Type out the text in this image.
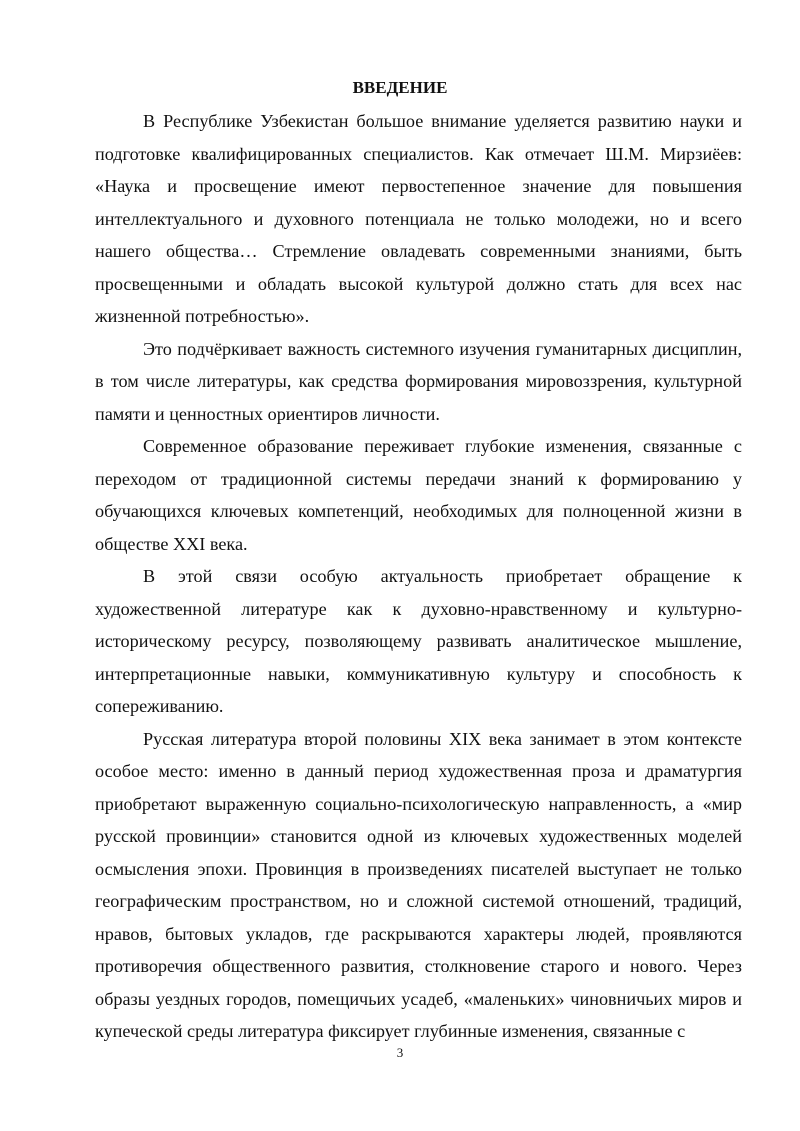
ВВЕДЕНИЕ

В Республике Узбекистан большое внимание уделяется развитию науки и подготовке квалифицированных специалистов. Как отмечает Ш.М. Мирзиёев: «Наука и просвещение имеют первостепенное значение для повышения интеллектуального и духовного потенциала не только молодежи, но и всего нашего общества… Стремление овладевать современными знаниями, быть просвещенными и обладать высокой культурой должно стать для всех нас жизненной потребностью».

Это подчёркивает важность системного изучения гуманитарных дисциплин, в том числе литературы, как средства формирования мировоззрения, культурной памяти и ценностных ориентиров личности.

Современное образование переживает глубокие изменения, связанные с переходом от традиционной системы передачи знаний к формированию у обучающихся ключевых компетенций, необходимых для полноценной жизни в обществе XXI века.

В этой связи особую актуальность приобретает обращение к художественной литературе как к духовно-нравственному и культурно-историческому ресурсу, позволяющему развивать аналитическое мышление, интерпретационные навыки, коммуникативную культуру и способность к сопереживанию.

Русская литература второй половины XIX века занимает в этом контексте особое место: именно в данный период художественная проза и драматургия приобретают выраженную социально-психологическую направленность, а «мир русской провинции» становится одной из ключевых художественных моделей осмысления эпохи. Провинция в произведениях писателей выступает не только географическим пространством, но и сложной системой отношений, традиций, нравов, бытовых укладов, где раскрываются характеры людей, проявляются противоречия общественного развития, столкновение старого и нового. Через образы уездных городов, помещичьих усадеб, «маленьких» чиновничьих миров и купеческой среды литература фиксирует глубинные изменения, связанные с

3
